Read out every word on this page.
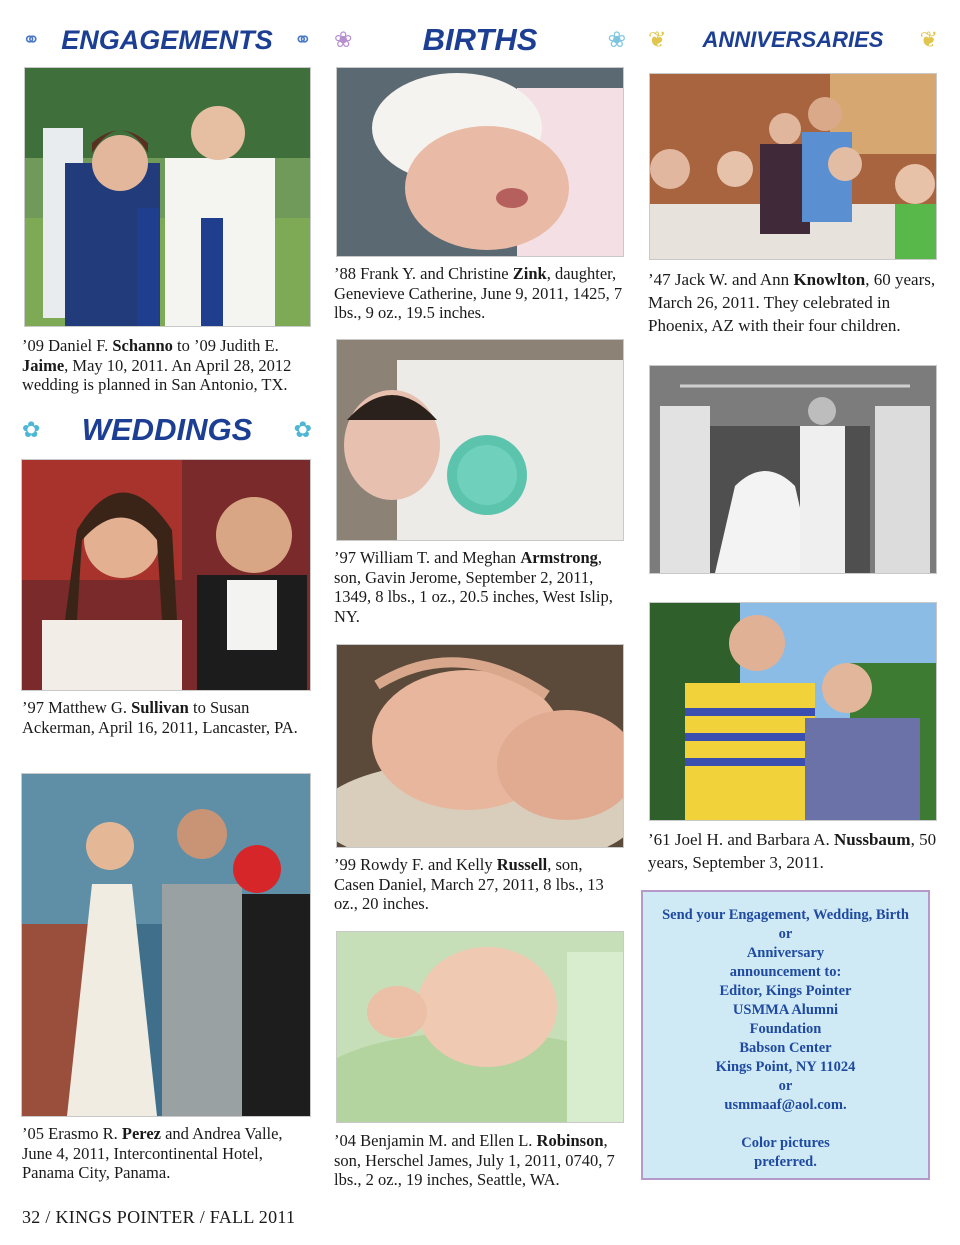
⚭ ENGAGEMENTS ⚭
’09 Daniel F. Schanno to ’09 Judith E. Jaime, May 10, 2011. An April 28, 2012 wedding is planned in San Antonio, TX.
✿ WEDDINGS ✿
’97 Matthew G. Sullivan to Susan Ackerman, April 16, 2011, Lancaster, PA.
’05 Erasmo R. Perez and Andrea Valle, June 4, 2011, Intercontinental Hotel, Panama City, Panama.
❀ BIRTHS	❀
’88 Frank Y. and Christine Zink, daughter, Genevieve Catherine, June 9, 2011, 1425, 7 lbs., 9 oz., 19.5 inches.
’97 William T. and Meghan Armstrong, son, Gavin Jerome, September 2, 2011, 1349, 8 lbs., 1 oz., 20.5 inches, West Islip, NY.
’99 Rowdy F. and Kelly Russell, son, Casen Daniel, March 27, 2011, 8 lbs., 13 oz., 20 inches.
’04 Benjamin M. and Ellen L. Robinson, son, Herschel James, July 1, 2011, 0740, 7 lbs., 2 oz., 19 inches, Seattle, WA.
❦ ANNIVERSARIES ❦
’47 Jack W. and Ann Knowlton, 60 years, March 26, 2011. They celebrated in Phoenix, AZ with their four children.
’61 Joel H. and Barbara A. Nussbaum, 50 years, September 3, 2011.
Send your Engagement, Wedding, Birth
or
Anniversary
announcement to:
Editor, Kings Pointer
USMMA Alumni
Foundation
Babson Center
Kings Point, NY 11024
or
usmmaaf@aol.com.
Color pictures
preferred.
32 / KINGS POINTER / FALL 2011
